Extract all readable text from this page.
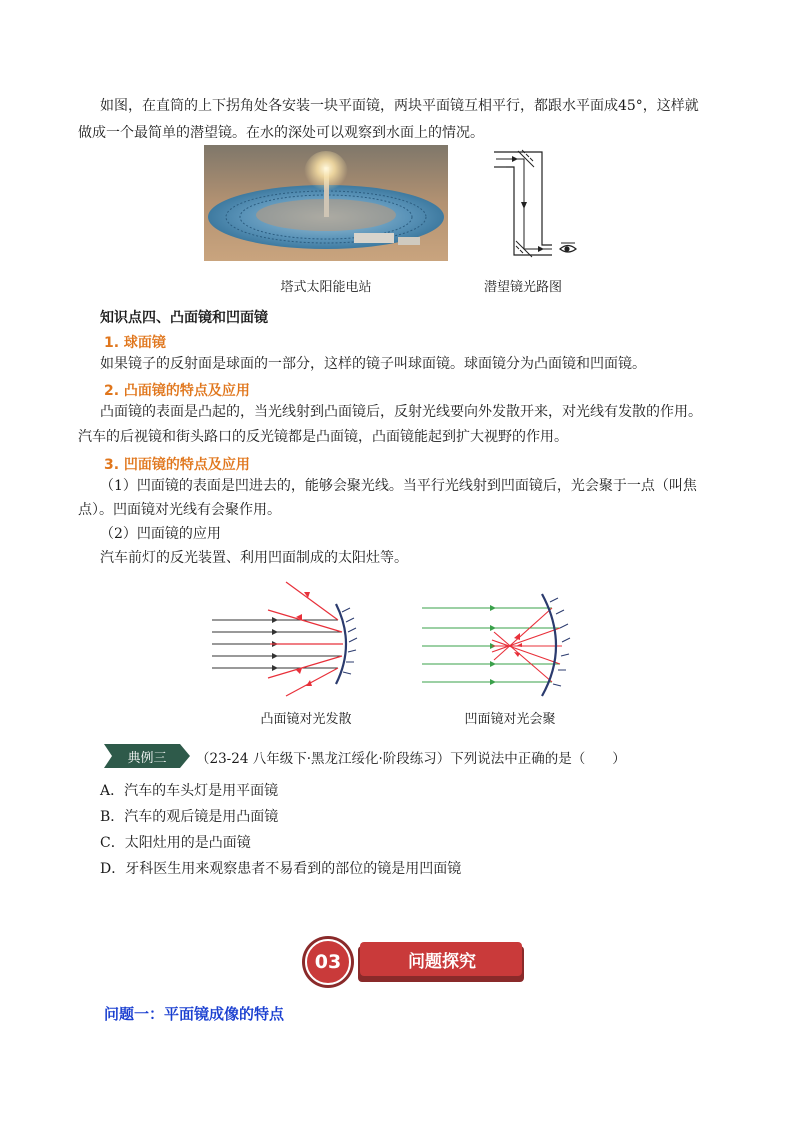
如图，在直筒的上下拐角处各安装一块平面镜，两块平面镜互相平行，都跟水平面成45°，这样就
做成一个最简单的潜望镜。在水的深处可以观察到水面上的情况。
塔式太阳能电站	潜望镜光路图
知识点四、凸面镜和凹面镜
1. 球面镜
如果镜子的反射面是球面的一部分，这样的镜子叫球面镜。球面镜分为凸面镜和凹面镜。
2. 凸面镜的特点及应用
凸面镜的表面是凸起的，当光线射到凸面镜后，反射光线要向外发散开来，对光线有发散的作用。
汽车的后视镜和街头路口的反光镜都是凸面镜，凸面镜能起到扩大视野的作用。
3. 凹面镜的特点及应用
（1）凹面镜的表面是凹进去的，能够会聚光线。当平行光线射到凹面镜后，光会聚于一点（叫焦
点）。凹面镜对光线有会聚作用。
（2）凹面镜的应用
汽车前灯的反光装置、利用凹面制成的太阳灶等。
凸面镜对光发散	凹面镜对光会聚
典例三	（23-24 八年级下·黑龙江绥化·阶段练习）下列说法中正确的是（　　）
A．汽车的车头灯是用平面镜
B．汽车的观后镜是用凸面镜
C．太阳灶用的是凸面镜
D．牙科医生用来观察患者不易看到的部位的镜是用凹面镜
03	问题探究
问题一：平面镜成像的特点
